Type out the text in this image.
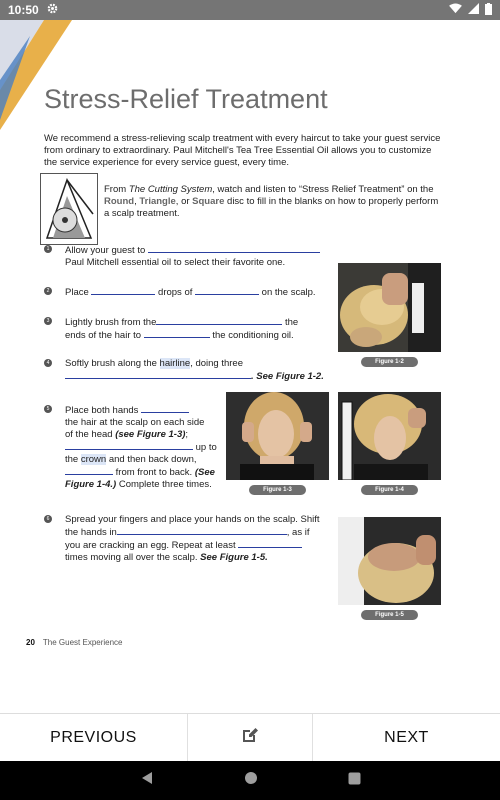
10:50
Stress-Relief Treatment

We recommend a stress-relieving scalp treatment with every haircut to take your guest service from ordinary to extraordinary. Paul Mitchell's Tea Tree Essential Oil allows you to customize the service experience for every service guest, every time.

From The Cutting System, watch and listen to “Stress Relief Treatment” on the Round, Triangle, or Square disc to fill in the blanks on how to properly perform a scalp treatment.

1 Allow your guest to
Paul Mitchell essential oil to select their favorite one.
2 Place	drops of	on the scalp.
3 Lightly brush from the	the
ends of the hair to	the conditioning oil.
4 Softly brush along the hairline, doing three
. See Figure 1-2.
5 Place both hands
the hair at the scalp on each side
of the head (see Figure 1-3);
up to
the crown and then back down,
from front to back. (See
Figure 1-4.) Complete three times.
6 Spread your fingers and place your hands on the scalp. Shift
the hands in	, as if
you are cracking an egg. Repeat at least
times moving all over the scalp. See Figure 1-5.
Figure 1-2
Figure 1-3	Figure 1-4
Figure 1-5
20 The Guest Experience
PREVIOUS	NEXT
